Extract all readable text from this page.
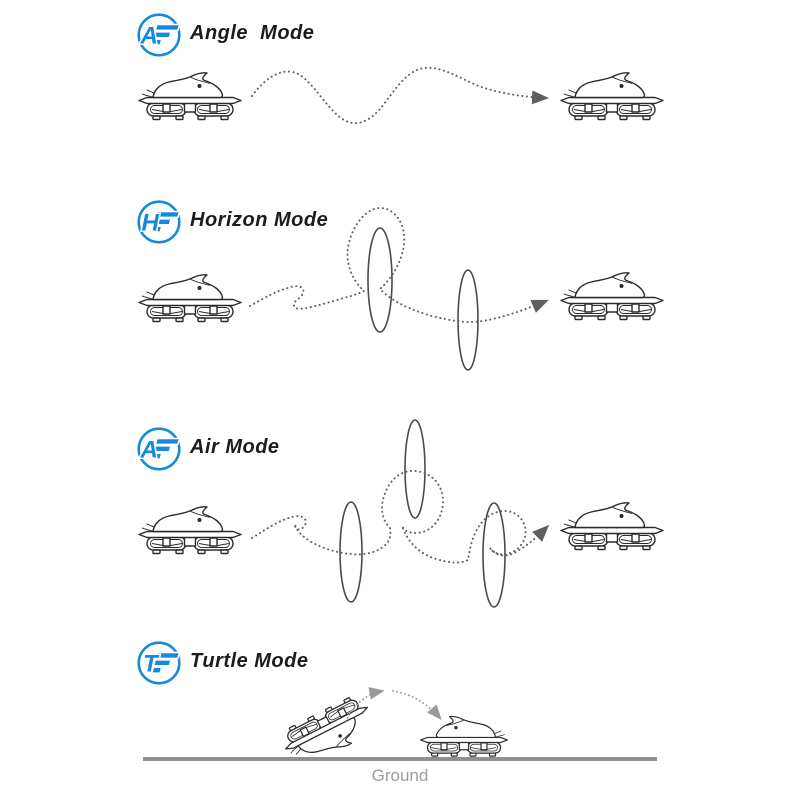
A Angle  Mode
H Horizon Mode
A Air Mode
T Turtle Mode
Ground
